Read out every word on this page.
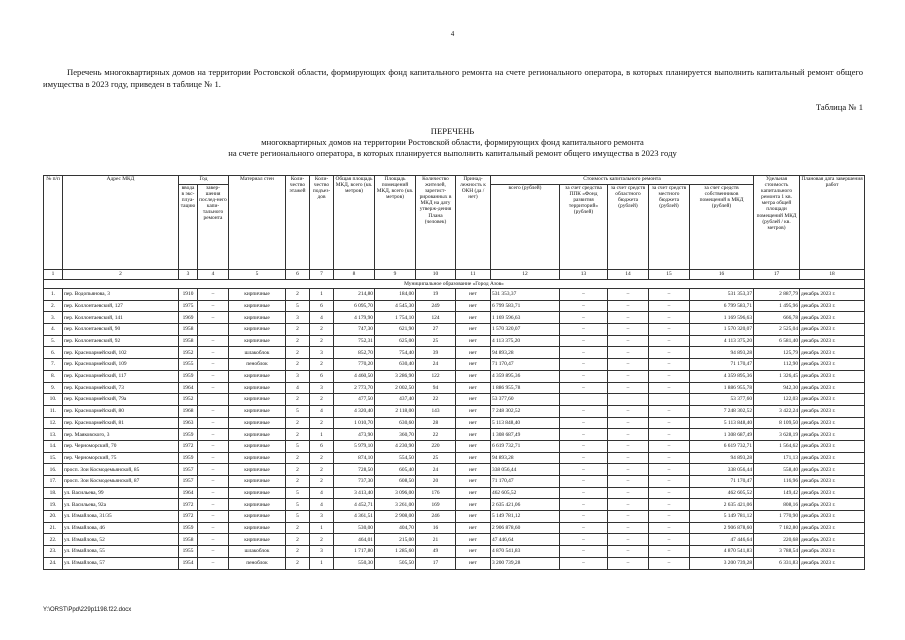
4
Перечень многоквартирных домов на территории Ростовской области, формирующих фонд капитального ремонта на счете регионального оператора, в которых планируется выполнить капитальный ремонт общего имущества в 2023 году, приведен в таблице № 1.
Таблица № 1
ПЕРЕЧЕНЬ
многоквартирных домов на территории Ростовской области, формирующих фонд капитального ремонта
на счете регионального оператора, в которых планируется выполнить капитальный ремонт общего имущества в 2023 году
№ п/п	Адрес МКД	Год		Материал стен	Коли-чество этажей	Коли-чество подъез-дов	Общая площадь МКД, всего (кв. метров)	Площадь помещений МКД, всего (кв. метров)	Количество жителей, зарегист-рированных в МКД на дату утверж-дения Плана (человек)	Принад-лежность к ОКН (да / нет)	Стоимость капитального ремонта					Удельная стоимость капитального ремонта 1 кв. метра общей площади помещений МКД (рублей / кв. метров)	Плановая дата завершения работ
		ввода в экс-плуа-тацию	завер-шения послед-него капи-тального ремонта								всего (рублей)	за счет средства ППК «Фонд развития территорий» (рублей)	за счет средств областного бюджета (рублей)	за счет средств местного бюджета (рублей)	за счет средств собственников помещений в МКД (рублей)		
1	2	3	4	5	6	7	8	9	10	11	12	13	14	15	16	17	18
Муниципальное образование «Город Азов»																	
1.	пер. Водопьянова, 3	1910	–	кирпичные	2	1	214,80	184,00	19	нет	531 353,37	–	–	–	531 353,37	2 887,79	декабрь 2023 г.
2.	пер. Коллонтаевский, 127	1975	–	кирпичные	5	6	6 095,70	4 545,30	249	нет	6 799 583,71	–	–	–	6 799 583,71	1 495,96	декабрь 2023 г.
3.	пер. Коллонтаевский, 141	1969	–	кирпичные	3	4	4 179,90	1 754,10	124	нет	1 169 596,63	–	–	–	1 169 596,63	666,78	декабрь 2023 г.
4.	пер. Коллонтаевский, 90	1958		кирпичные	2	2	747,30	621,90	27	нет	1 570 320,07	–	–	–	1 570 320,07	2 525,04	декабрь 2023 г.
5.	пер. Коллонтаевский, 92	1958	–	кирпичные	2	2	752,31	625,00	25	нет	4 113 375,20	–	–	–	4 113 375,20	6 581,40	декабрь 2023 г.
6.	пер. Красноармейский, 102	1952	–	шлакоблок	2	3	852,70	754,40	39	нет	94 893,28	–	–	–	94 893,28	125,79	декабрь 2023 г.
7.	пер. Красноармейский, 109	1955	–	пеноблок	2	2	770,20	630,40	24	нет	71 170,47	–	–	–	71 170,47	112,90	декабрь 2023 г.
8.	пер. Красноармейский, 117	1959	–	кирпичные	3	6	4 460,50	3 286,90	122	нет	4 359 895,36	–	–	–	4 359 895,36	1 326,45	декабрь 2023 г.
9.	пер. Красноармейский, 73	1964	–	кирпичные	4	3	2 773,70	2 002,50	94	нет	1 886 955,78	–	–	–	1 886 955,78	942,30	декабрь 2023 г.
10.	пер. Красноармейский, 79а	1952		кирпичные	2	2	477,50	437,40	22	нет	53 377,60				53 377,60	122,03	декабрь 2023 г.
11.	пер. Красноармейский, 80	1968	–	кирпичные	5	4	4 320,40	2 118,00	143	нет	7 248 302,52	–	–	–	7 248 302,52	3 422,24	декабрь 2023 г.
12.	пер. Красноармейский, 81	1963	–	кирпичные	2	2	1 010,70	630,60	28	нет	5 113 848,40	–	–	–	5 113 848,40	8 109,50	декабрь 2023 г.
13.	пер. Маяковского, 3	1959	–	кирпичные	2	1	473,90	360,70	22	нет	1 308 687,49	–	–	–	1 308 687,49	3 628,19	декабрь 2023 г.
14.	пер. Черноморский, 70	1972	–	кирпичные	5	6	5 979,10	4 230,90	220	нет	6 619 732,71	–	–	–	6 619 732,71	1 564,62	декабрь 2023 г.
15.	пер. Черноморский, 75	1959	–	кирпичные	2	2	874,10	554,50	25	нет	94 893,28	–	–	–	94 893,28	171,13	декабрь 2023 г.
16.	просп. Зои Космодемьянской, 85	1957	–	кирпичные	2	2	728,50	605,40	24	нет	338 056,44	–	–	–	338 056,44	558,40	декабрь 2023 г.
17.	просп. Зои Космодемьянской, 87	1957	–	кирпичные	2	2	737,30	608,50	20	нет	71 170,47	–	–	–	71 170,47	116,96	декабрь 2023 г.
18.	ул. Васильева, 99	1964	–	кирпичные	5	4	3 413,40	3 096,00	176	нет	462 605,52	–	–	–	462 605,52	149,42	декабрь 2023 г.
19.	ул. Васильева, 92а	1972	–	кирпичные	5	4	4 452,71	3 261,00	169	нет	2 635 421,06	–	–	–	2 635 421,06	808,16	декабрь 2023 г.
20.	ул. Измайлова, 31/35	1972	–	кирпичные	5	3	4 361,51	2 908,00	246	нет	5 149 781,12	–	–	–	5 149 781,12	1 770,90	декабрь 2023 г.
21.	ул. Измайлова, 46	1959	–	кирпичные	2	1	530,00	404,70	16	нет	2 906 878,60	–	–	–	2 906 878,60	7 182,80	декабрь 2023 г.
22.	ул. Измайлова, 52	1958	–	кирпичные	2	2	464,01	215,00	21	нет	47 446,64	–	–	–	47 446,64	220,68	декабрь 2023 г.
23.	ул. Измайлова, 55	1955	–	шлакоблок	2	3	1 717,80	1 285,60	49	нет	4 870 541,83	–	–	–	4 870 541,83	3 788,54	декабрь 2023 г.
24.	ул. Измайлова, 57	1954	–	пеноблок	2	1	550,30	505,50	17	нет	3 200 739,28	–	–	–	3 200 739,28	6 331,83	декабрь 2023 г.
Y:\ORST\Ppd\229p1198.f22.docx
